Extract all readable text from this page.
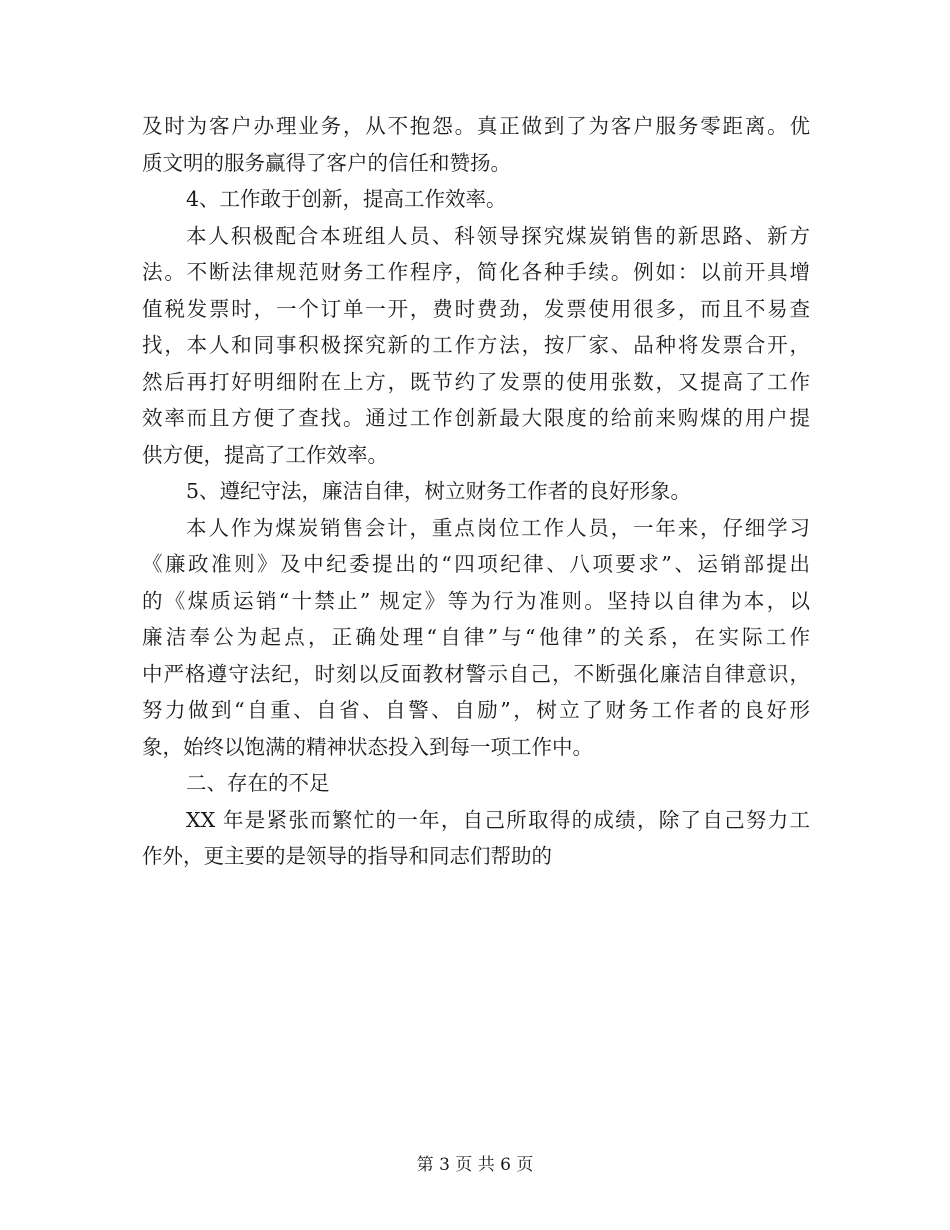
及时为客户办理业务，从不抱怨。真正做到了为客户服务零距离。优
质文明的服务赢得了客户的信任和赞扬。
4、工作敢于创新，提高工作效率。
本人积极配合本班组人员、科领导探究煤炭销售的新思路、新方
法。不断法律规范财务工作程序，简化各种手续。例如：以前开具增
值税发票时，一个订单一开，费时费劲，发票使用很多，而且不易查
找，本人和同事积极探究新的工作方法，按厂家、品种将发票合开，
然后再打好明细附在上方，既节约了发票的使用张数，又提高了工作
效率而且方便了查找。通过工作创新最大限度的给前来购煤的用户提
供方便，提高了工作效率。
5、遵纪守法，廉洁自律，树立财务工作者的良好形象。
本人作为煤炭销售会计，重点岗位工作人员，一年来，仔细学习
《廉政准则》及中纪委提出的“四项纪律、八项要求”、运销部提出
的《煤质运销“十禁止” 规定》等为行为准则。坚持以自律为本，以
廉洁奉公为起点，正确处理“自律”与“他律”的关系，在实际工作
中严格遵守法纪，时刻以反面教材警示自己，不断强化廉洁自律意识，
努力做到“自重、自省、自警、自励”，树立了财务工作者的良好形
象，始终以饱满的精神状态投入到每一项工作中。
二、存在的不足
XX 年是紧张而繁忙的一年，自己所取得的成绩，除了自己努力工
作外，更主要的是领导的指导和同志们帮助的
第 3 页 共 6 页
